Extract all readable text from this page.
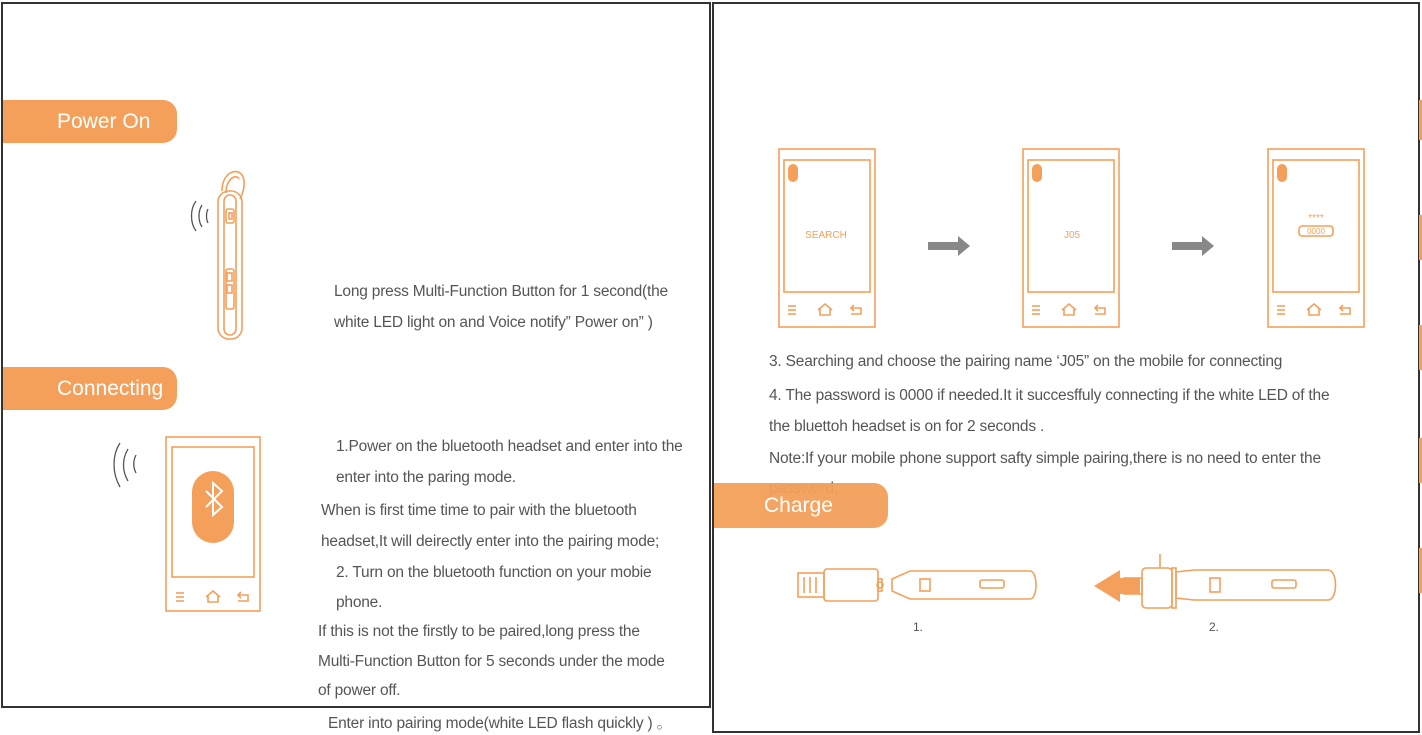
Power On
Long press Multi-Function Button for 1 second(the
white LED light on and Voice notify” Power on” )
Connecting
1.Power on the bluetooth headset and enter into the
enter into the paring mode.
When is first time time to pair with the bluetooth
headset,It will deirectly enter into the pairing mode;
2. Turn on the bluetooth function on your mobie
phone.
If this is not the firstly to be paired,long press the
Multi-Function Button for 5 seconds under the mode
of power off.
Enter into pairing mode(white LED flash quickly ) 。
SEARCH	J05
****
0000
3. Searching and choose the pairing name ‘J05” on the mobile for connecting
4. The password is 0000 if needed.It it succesffuly connecting if the white LED of the
the bluettoh headset is on for 2 seconds .
Note:If your mobile phone support safty simple pairing,there is no need to enter the
Charge
1.	2.
